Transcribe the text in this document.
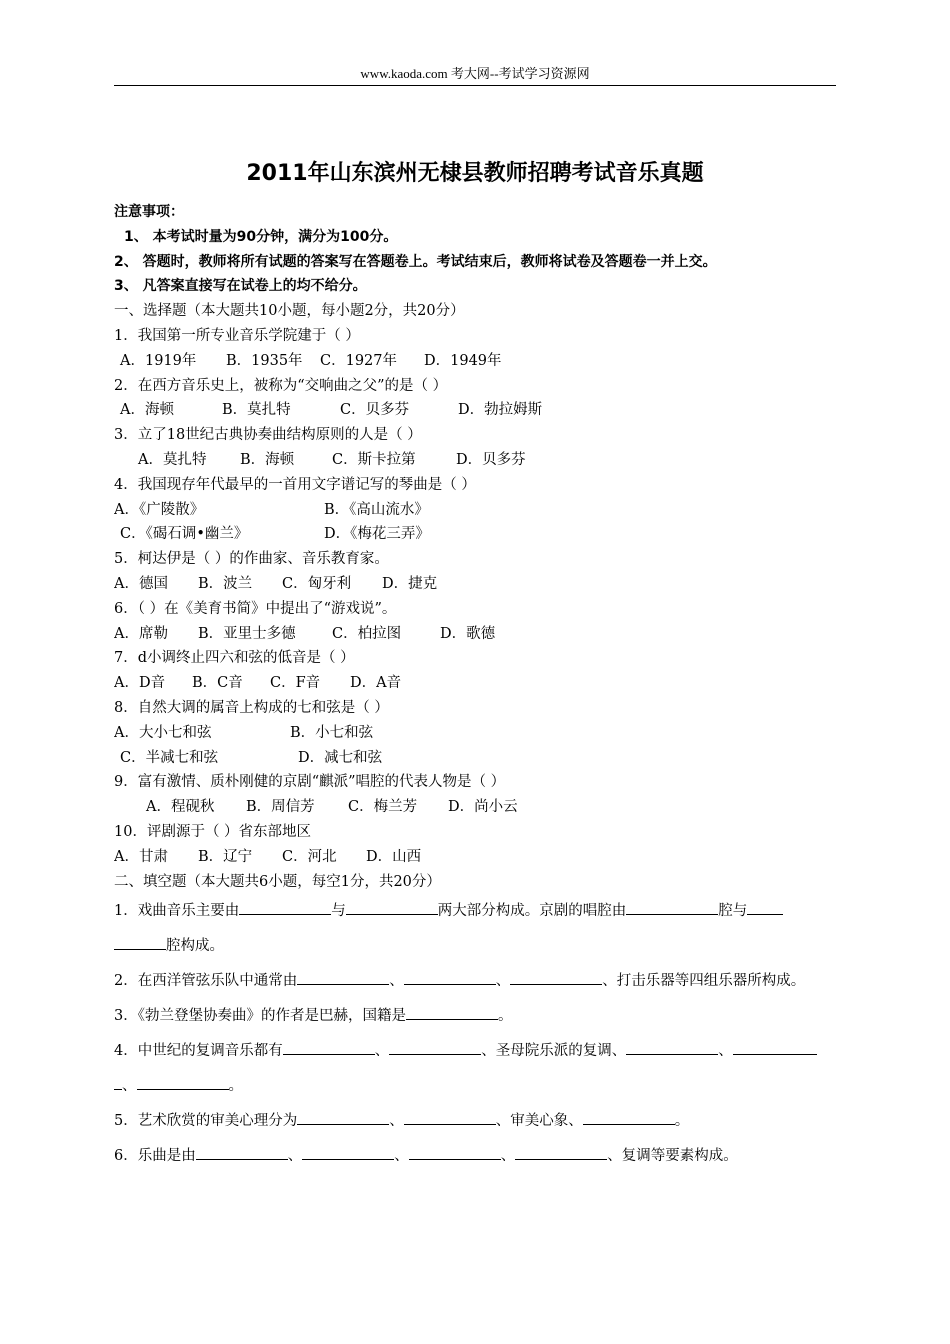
www.kaoda.com 考大网--考试学习资源网
2011年山东滨州无棣县教师招聘考试音乐真题
注意事项：
1、 本考试时量为90分钟，满分为100分。
2、 答题时，教师将所有试题的答案写在答题卷上。考试结束后，教师将试卷及答题卷一并上交。
3、 凡答案直接写在试卷上的均不给分。
一、选择题（本大题共10小题，每小题2分，共20分）
1．我国第一所专业音乐学院建于（ ）
A．1919年 B．1935年 C．1927年 D．1949年
2．在西方音乐史上，被称为“交响曲之父”的是（ ）
A．海顿	B．莫扎特	C．贝多芬	D．勃拉姆斯
3．立了18世纪古典协奏曲结构原则的人是（ ）
A．莫扎特 B．海顿	C．斯卡拉第	D．贝多芬
4．我国现存年代最早的一首用文字谱记写的琴曲是（ ）
A．《广陵散》	B．《高山流水》
C．《碣石调•幽兰》	D．《梅花三弄》
5．柯达伊是（ ）的作曲家、音乐教育家。
A．德国 B．波兰 C．匈牙利 D．捷克
6．（ ）在《美育书简》中提出了“游戏说”。
A．席勒 B．亚里士多德	C．柏拉图	D．歌德
7．d小调终止四六和弦的低音是（ ）
A．D音 B．C音 C．F音 D．A音
8．自然大调的属音上构成的七和弦是（ ）
A．大小七和弦	B．小七和弦
C．半减七和弦	D．减七和弦
9．富有激情、质朴刚健的京剧“麒派”唱腔的代表人物是（ ）
A．程砚秋 B．周信芳 C．梅兰芳 D．尚小云
10．评剧源于（ ）省东部地区
A．甘肃 B．辽宁 C．河北 D．山西
二、填空题（本大题共6小题，每空1分，共20分）
1．戏曲音乐主要由	与	两大部分构成。京剧的唱腔由	腔与
腔构成。
2．在西洋管弦乐队中通常由	、	、	、打击乐器等四组乐器所构成。
3．《勃兰登堡协奏曲》的作者是巴赫，国籍是	。
4．中世纪的复调音乐都有	、	、圣母院乐派的复调、	、
、	。
5．艺术欣赏的审美心理分为	、	、审美心象、	。
6．乐曲是由	、	、	、	、复调等要素构成。
